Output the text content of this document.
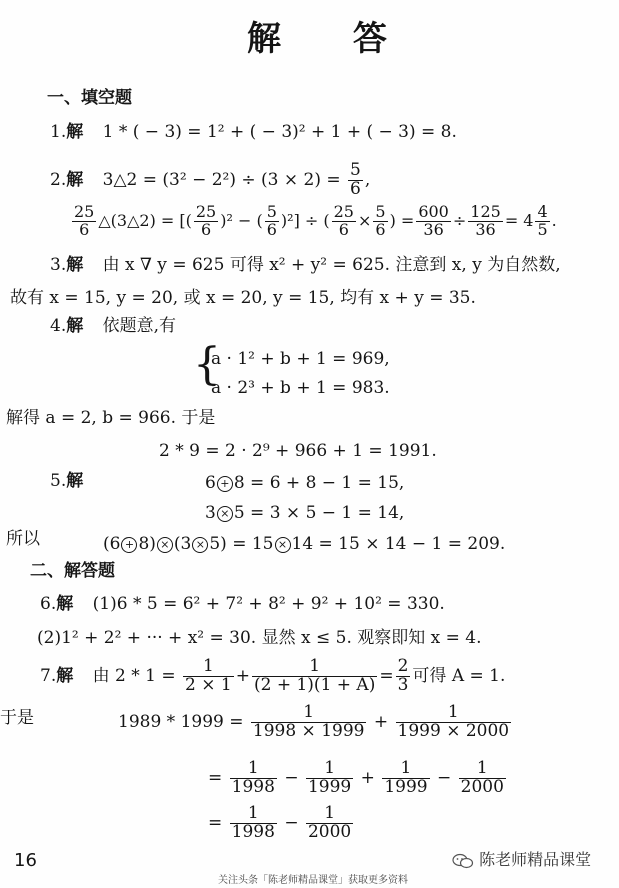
解 答
一、填空题
1.解 1 * ( − 3) = 1² + ( − 3)² + 1 + ( − 3) = 8.
2.解 3△2 = $(3^2 - 2^2) \div (3 \times 2) = \frac{5}{6}$ ,
$\frac{25}{6}$ △(3△2) = [( $\frac{25}{6} )^2$ − ( $\frac{5}{6} )^2$] ÷ ( $\frac{25}{6} \times \frac{5}{6}$ ) = $\frac{600}{36} \div \frac{125}{36} = 4 \frac{4}{5}$ .
3.解 由 x ∇ y = 625 可得 x² + y² = 625. 注意到 x, y 为自然数,
故有 x = 15, y = 20, 或 x = 20, y = 15, 均有 x + y = 35.
4.解 依题意,有
{
a · 1² + b + 1 = 969,
a · 2³ + b + 1 = 983.
解得 a = 2, b = 966. 于是
2 * 9 = 2 · 2⁹ + 966 + 1 = 1991.
5.解	6 + 8 = 6 + 8 − 1 = 15,
3 × 5 = 3 × 5 − 1 = 14,
所以	(6 + 8) × (3 × 5) = 15 × 14 = 15 × 14 − 1 = 209.
二、解答题
6.解 (1)6 * 5 = 6² + 7² + 8² + 9² + 10² = 330.
(2)1² + 2² + ··· + x² = 30. 显然 x ≤ 5. 观察即知 x = 4.
7.解 由 $2 * 1 = \frac{1}{2 \times 1} + \frac{1}{(2 + 1)(1 + A)} = \frac{2}{3}$ 可得 A = 1.
于是	$1989 * 1999 = \frac{1}{1998 \times 1999} + \frac{1}{1999 \times 2000}$
= $\frac{1}{1998} - \frac{1}{1999} + \frac{1}{1999} - \frac{1}{2000}$
= $\frac{1}{1998} - \frac{1}{2000}$
16	陈老师精品课堂
关注头条「陈老师精品课堂」获取更多资料
